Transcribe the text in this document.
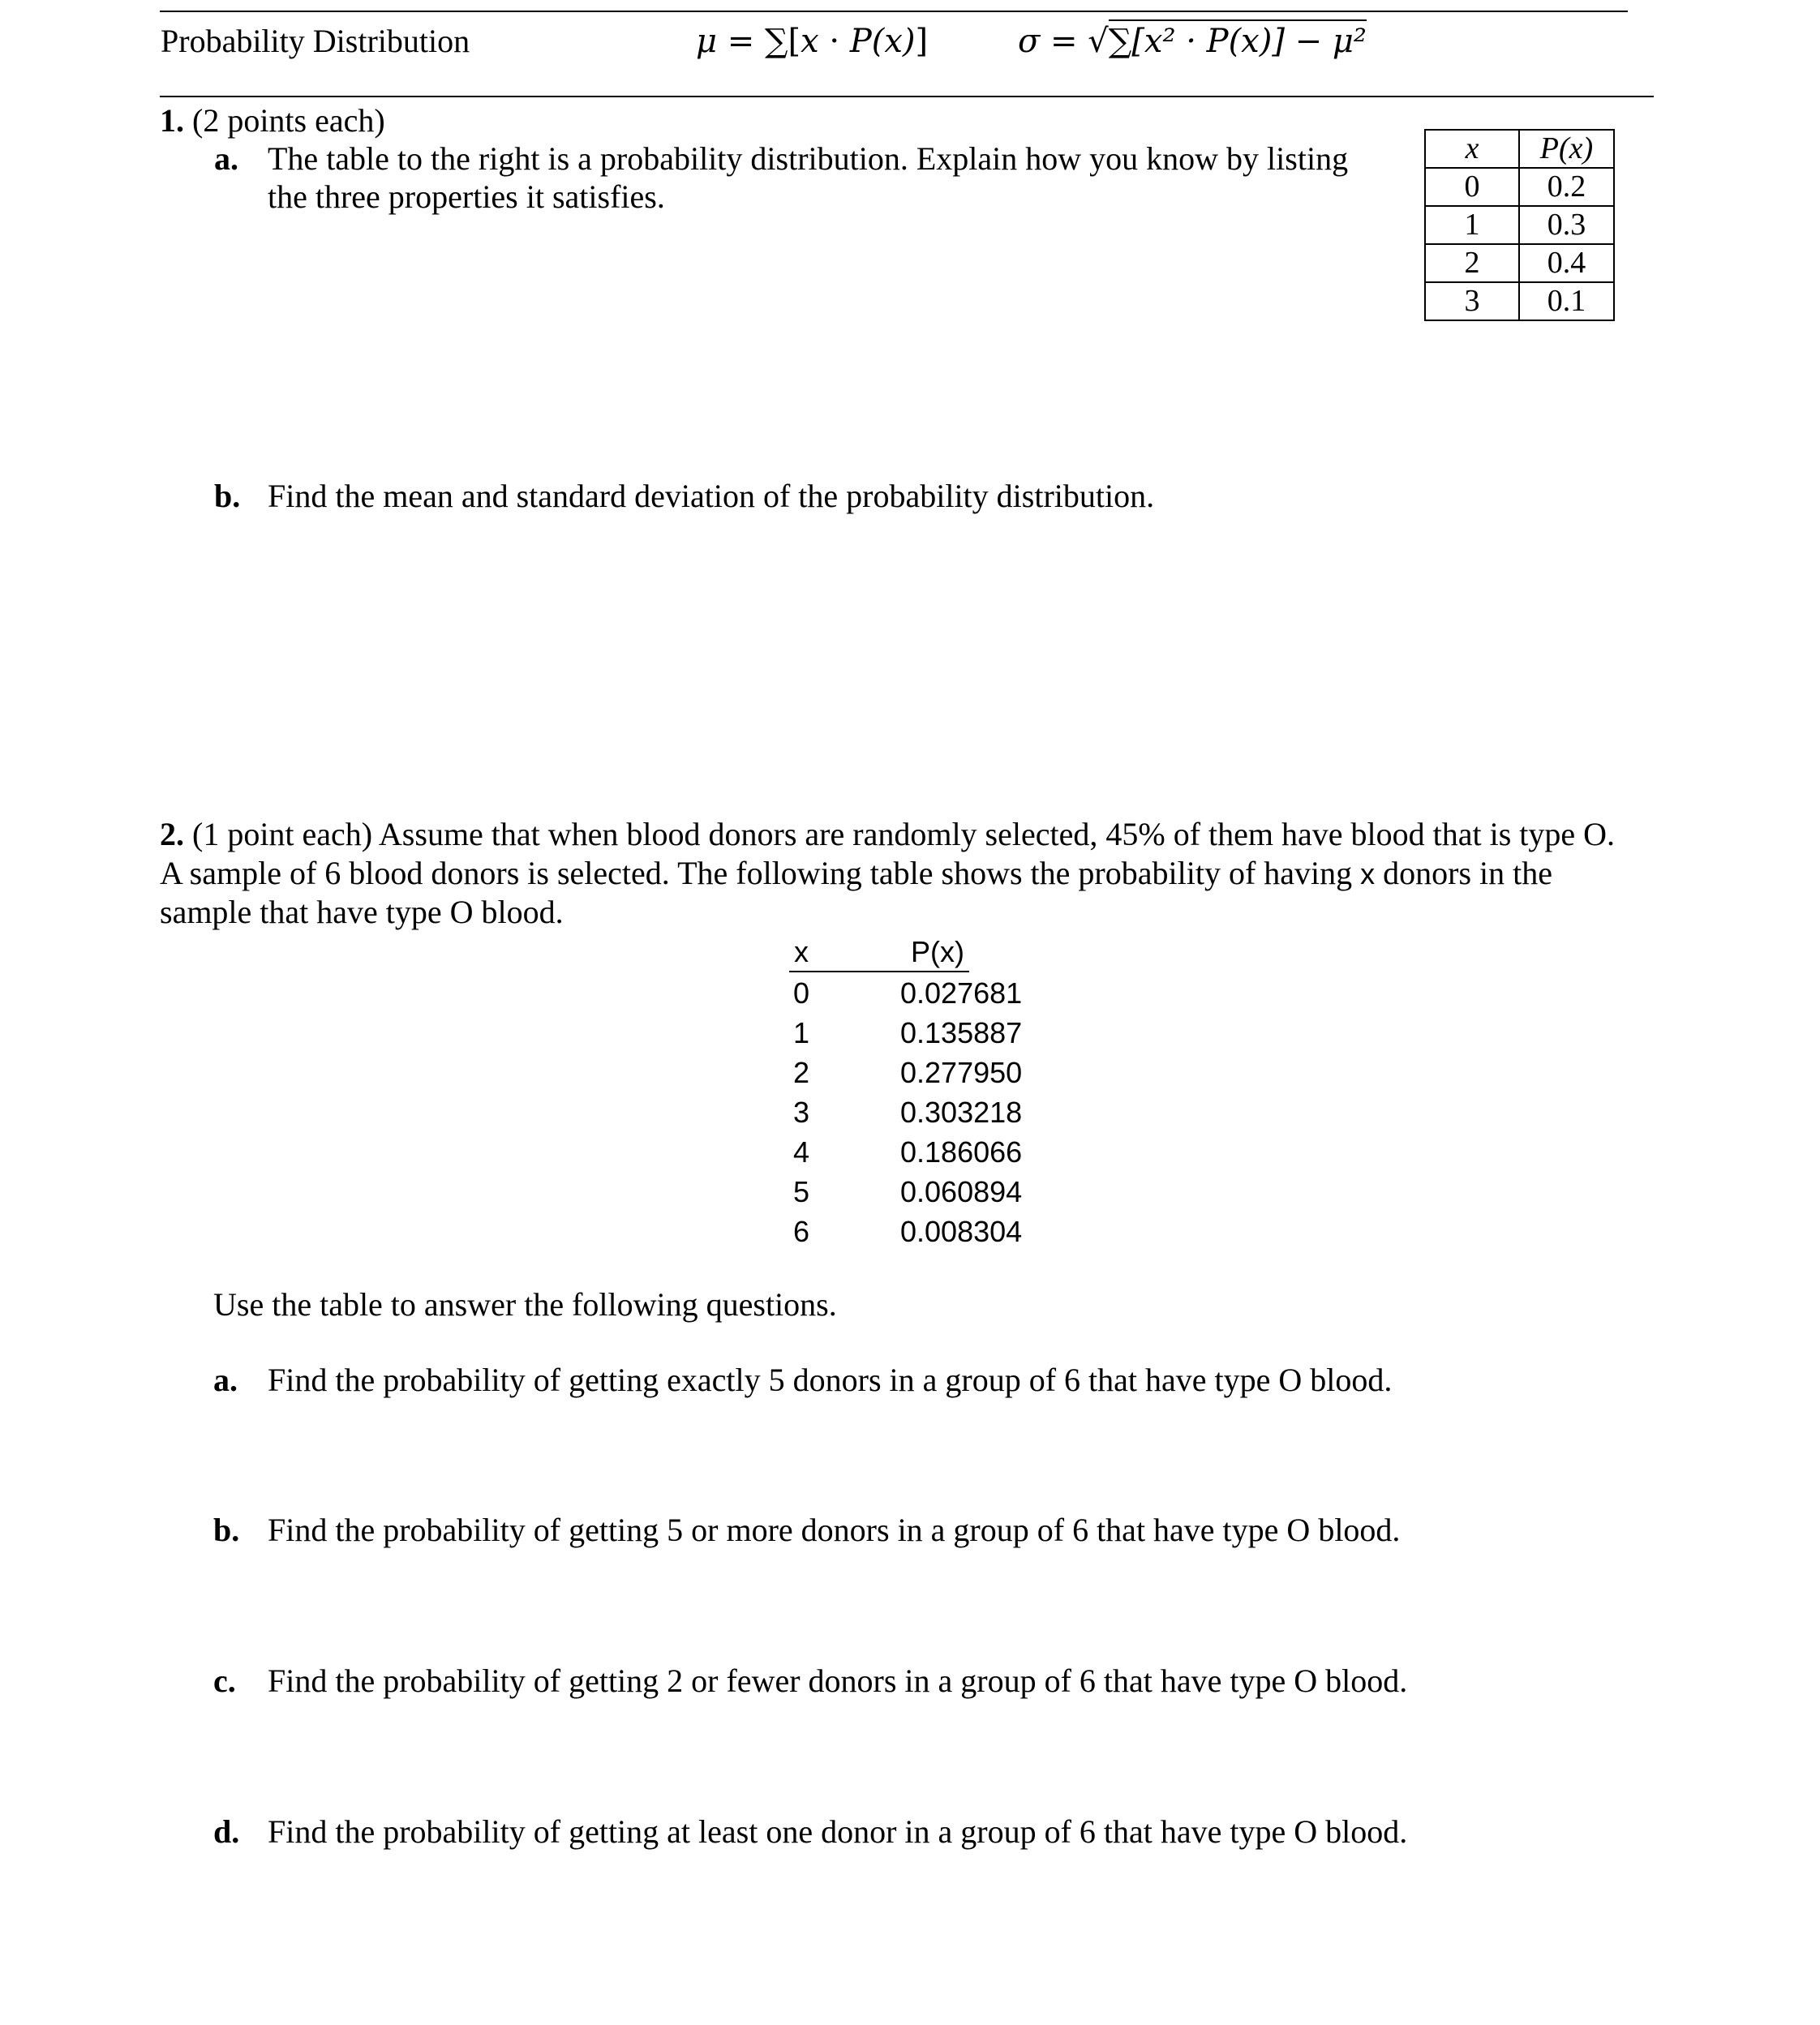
Probability Distribution	μ = ∑[x · P(x)]	σ = √∑[x² · P(x)] − μ²
1. (2 points each)
a. The table to the right is a probability distribution. Explain how you know by listing
the three properties it satisfies.
x	P(x)
0	0.2
1	0.3
2	0.4
3	0.1
b. Find the mean and standard deviation of the probability distribution.
2. (1 point each) Assume that when blood donors are randomly selected, 45% of them have blood that is type O.
A sample of 6 blood donors is selected. The following table shows the probability of having x donors in the
sample that have type O blood.
x	P(x)
0	0.027681
1	0.135887
2	0.277950
3	0.303218
4	0.186066
5	0.060894
6	0.008304
Use the table to answer the following questions.
a. Find the probability of getting exactly 5 donors in a group of 6 that have type O blood.
b. Find the probability of getting 5 or more donors in a group of 6 that have type O blood.
c. Find the probability of getting 2 or fewer donors in a group of 6 that have type O blood.
d. Find the probability of getting at least one donor in a group of 6 that have type O blood.
